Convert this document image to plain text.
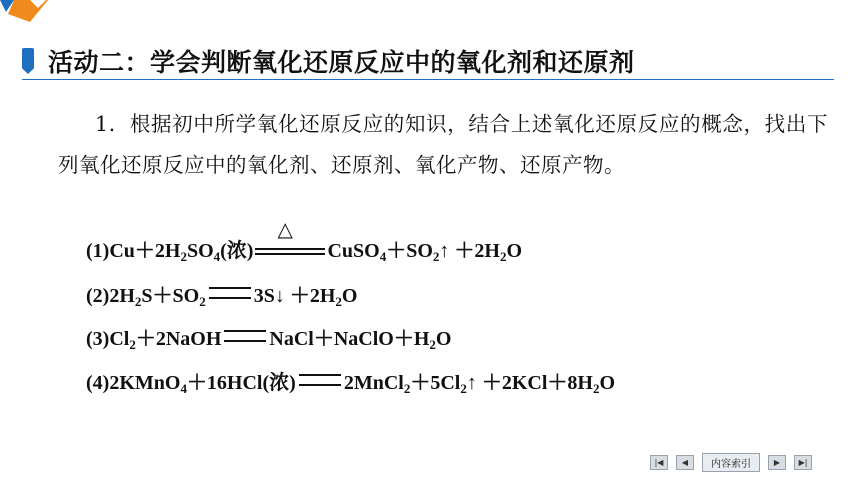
活动二：学会判断氧化还原反应中的氧化剂和还原剂
1．根据初中所学氧化还原反应的知识，结合上述氧化还原反应的概念，找出下列氧化还原反应中的氧化剂、还原剂、氧化产物、还原产物。
$(1)Cu+2H_2SO_4$(浓)
△
$CuSO_4+SO_2↑ +2H_2O$
$(2)2H_2S+SO_2$ 3S↓ $+2H_2O$
$(3)Cl_2+2NaOH$ $NaCl+NaClO+H_2O$
(4)2KMnO$_4$＋16HCl(浓) $2MnCl_2+5Cl_2↑ +2KCl+8H_2O$
|◀	◀	内容索引	▶	▶|
